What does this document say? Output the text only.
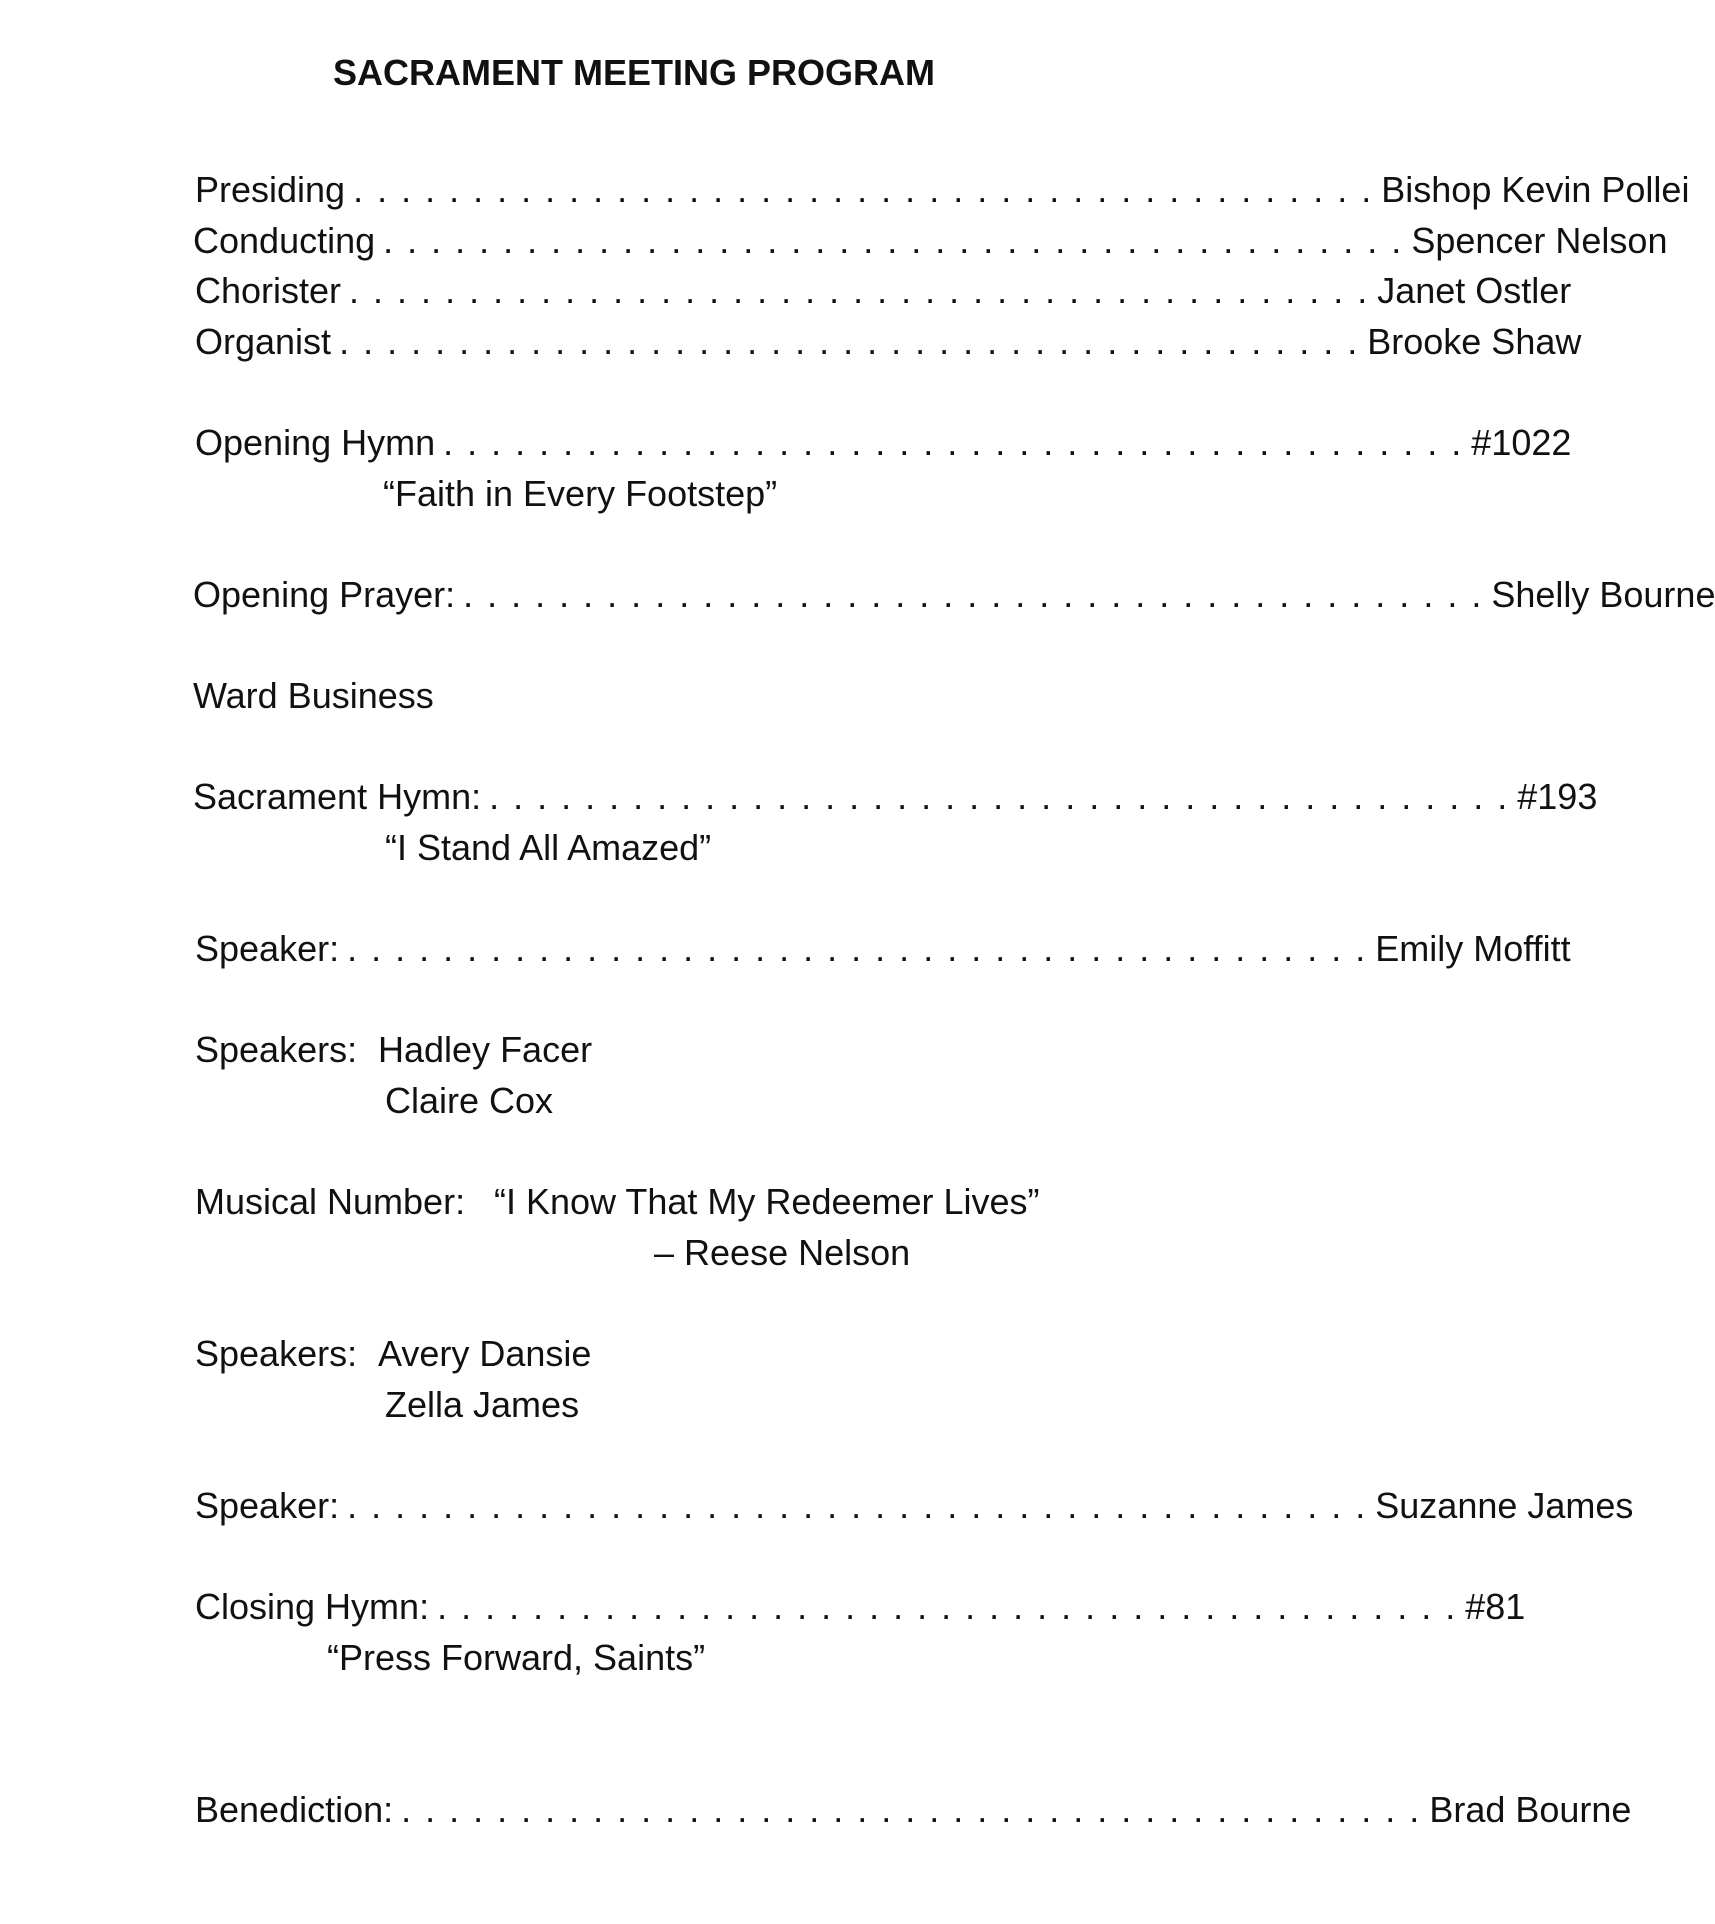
SACRAMENT MEETING PROGRAM
Presiding . . . . . . . . . . . . . . . . . . . . . . . . . . . . . . . . . . . . . . . . . . . Bishop Kevin Pollei
Conducting . . . . . . . . . . . . . . . . . . . . . . . . . . . . . . . . . . . . . . . . . . . Spencer Nelson
Chorister . . . . . . . . . . . . . . . . . . . . . . . . . . . . . . . . . . . . . . . . . . . Janet Ostler
Organist . . . . . . . . . . . . . . . . . . . . . . . . . . . . . . . . . . . . . . . . . . . Brooke Shaw
Opening Hymn . . . . . . . . . . . . . . . . . . . . . . . . . . . . . . . . . . . . . . . . . . . #1022
“Faith in Every Footstep”
Opening Prayer: . . . . . . . . . . . . . . . . . . . . . . . . . . . . . . . . . . . . . . . . . . . Shelly Bourne
Ward Business
Sacrament Hymn: . . . . . . . . . . . . . . . . . . . . . . . . . . . . . . . . . . . . . . . . . . . #193
“I Stand All Amazed”
Speaker: . . . . . . . . . . . . . . . . . . . . . . . . . . . . . . . . . . . . . . . . . . . Emily Moffitt
Speakers: Hadley Facer
Claire Cox
Musical Number: “I Know That My Redeemer Lives”
– Reese Nelson
Speakers: Avery Dansie
Zella James
Speaker: . . . . . . . . . . . . . . . . . . . . . . . . . . . . . . . . . . . . . . . . . . . Suzanne James
Closing Hymn: . . . . . . . . . . . . . . . . . . . . . . . . . . . . . . . . . . . . . . . . . . . #81
“Press Forward, Saints”
Benediction: . . . . . . . . . . . . . . . . . . . . . . . . . . . . . . . . . . . . . . . . . . . Brad Bourne
